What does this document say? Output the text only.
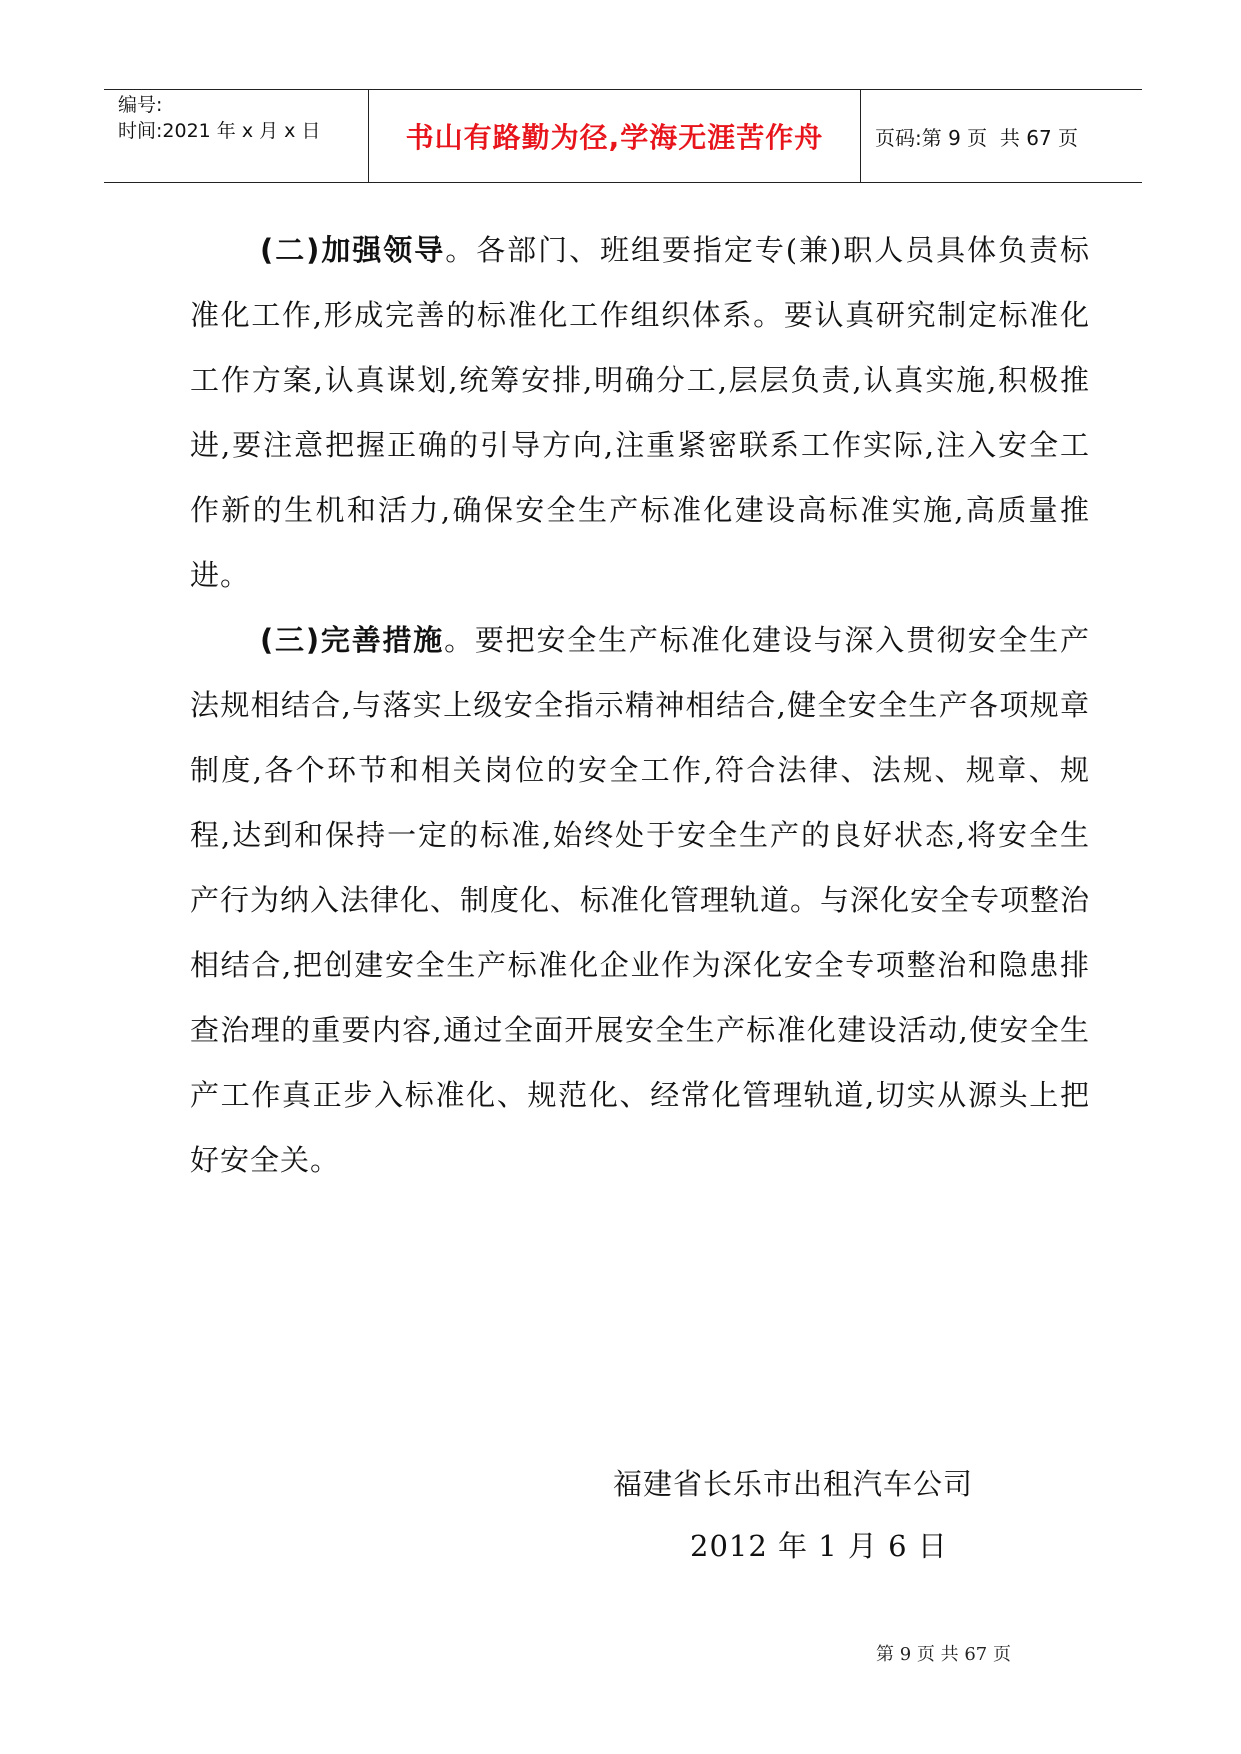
编号:
时间:2021 年 x 月 x 日	书山有路勤为径,学海无涯苦作舟	页码:第 9 页  共 67 页

(二)加强领导。各部门、班组要指定专(兼)职人员具体负责标准化工作,形成完善的标准化工作组织体系。要认真研究制定标准化工作方案,认真谋划,统筹安排,明确分工,层层负责,认真实施,积极推进,要注意把握正确的引导方向,注重紧密联系工作实际,注入安全工作新的生机和活力,确保安全生产标准化建设高标准实施,高质量推进。

(三)完善措施。要把安全生产标准化建设与深入贯彻安全生产法规相结合,与落实上级安全指示精神相结合,健全安全生产各项规章制度,各个环节和相关岗位的安全工作,符合法律、法规、规章、规程,达到和保持一定的标准,始终处于安全生产的良好状态,将安全生产行为纳入法律化、制度化、标准化管理轨道。与深化安全专项整治相结合,把创建安全生产标准化企业作为深化安全专项整治和隐患排查治理的重要内容,通过全面开展安全生产标准化建设活动,使安全生产工作真正步入标准化、规范化、经常化管理轨道,切实从源头上把好安全关。

福建省长乐市出租汽车公司
2012 年 1 月 6 日
第 9 页 共 67 页
